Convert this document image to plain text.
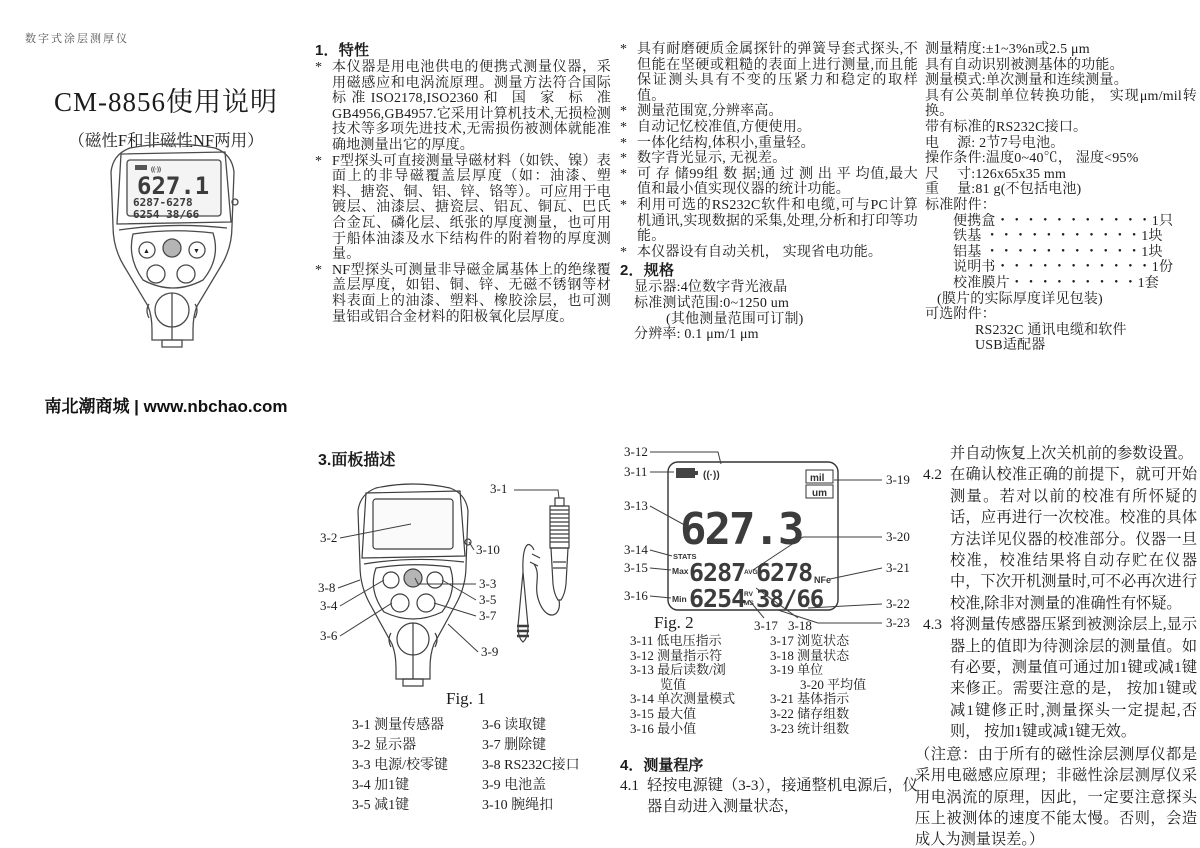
数字式涂层测厚仪
CM-8856使用说明
（磁性F和非磁性NF两用）
((·))
627.1
6287-6278
6254 38/66
▲	▼
南北潮商城 | www.nbchao.com
1．特性
* 本仪器是用电池供电的便携式测量仪器，采用磁感应和电涡流原理。测量方法符合国际标准ISO2178,ISO2360和 国 家 标 准GB4956,GB4957.它采用计算机技术,无损检测技术等多项先进技术,无需损伤被测体就能准确地测量出它的厚度。
* F型探头可直接测量导磁材料（如铁、镍）表面上的非导磁覆盖层厚度（如：油漆、塑料、搪瓷、铜、铝、锌、铬等）。可应用于电镀层、油漆层、搪瓷层、铝瓦、铜瓦、巴氏合金瓦、磷化层、纸张的厚度测量，也可用于船体油漆及水下结构件的附着物的厚度测量。
* NF型探头可测量非导磁金属基体上的绝缘覆盖层厚度，如铝、铜、锌、无磁不锈钢等材料表面上的油漆、塑料、橡胶涂层，也可测量铝或铝合金材料的阳极氧化层厚度。
* 具有耐磨硬质金属探针的弹簧导套式探头,不但能在坚硬或粗糙的表面上进行测量,而且能保证测头具有不变的压紧力和稳定的取样值。
* 测量范围宽,分辨率高。
* 自动记忆校准值,方便使用。
* 一体化结构,体积小,重量轻。
* 数字背光显示, 无视差。
* 可 存 储99组 数 据;通 过 测 出 平 均值,最大值和最小值实现仪器的统计功能。
* 利用可选的RS232C软件和电缆,可与PC计算机通讯,实现数据的采集,处理,分析和打印等功能。
* 本仪器设有自动关机， 实现省电功能。
2．规格
显示器:4位数字背光液晶
标准测试范围:0~1250 um
(其他测量范围可订制)
分辨率: 0.1 μm/1 μm
测量精度:±1~3%n或2.5 μm
具有自动识别被测基体的功能。
测量模式:单次测量和连续测量。
具有公英制单位转换功能， 实现μm/mil转换。
带有标准的RS232C接口。
电　 源: 2节7号电池。
操作条件:温度0~40℃， 湿度<95%
尺　 寸:126x65x35 mm
重　 量:81 g(不包括电池)
标准附件：
便携盒・・・・・・・・・・・1只
铁基 ・・・・・・・・・・・1块
铝基 ・・・・・・・・・・・1块
说明书・・・・・・・・・・・1份
校准膜片・・・・・・・・・1套
(膜片的实际厚度详见包装)
可选附件：
RS232C 通讯电缆和软件
USB适配器
3.面板描述
3-1
3-2
3-10
3-8	3-3
3-4	3-5
3-7
3-6
3-9
Fig. 1
3-1 测量传感器	3-6 读取键
3-2 显示器	3-7 删除键
3-3 电源/校零键	3-8 RS232C接口
3-4 加1键	3-9 电池盖
3-5 减1键	3-10 腕绳扣
((·))	mil
um
627.3
STATS
Max 6287
AVG
6278 NFe
Min 6254
RV
MS 38/66
3-12
3-11
3-13
3-14
3-15
3-16
3-17 3-18
3-19
3-20
3-21
3-22
3-23
Fig. 2
3-11 低电压指示	3-17 浏览状态
3-12 测量指示符	3-18 测量状态
3-13 最后读数/浏	3-19 单位
览值	3-20 平均值
3-14 单次测量模式	3-21 基体指示
3-15 最大值	3-22 储存组数
3-16 最小值	3-23 统计组数
4．测量程序
4.1 轻按电源键（3-3），接通整机电源后，仪器自动进入测量状态，
并自动恢复上次关机前的参数设置。
4.2 在确认校准正确的前提下，就可开始测量。若对以前的校准有所怀疑的话，应再进行一次校准。校准的具体方法详见仪器的校准部分。仪器一旦校准，校准结果将自动存贮在仪器中，下次开机测量时,可不必再次进行校准,除非对测量的准确性有怀疑。
4.3 将测量传感器压紧到被测涂层上,显示器上的值即为待测涂层的测量值。如有必要，测量值可通过加1键或减1键来修正。需要注意的是， 按加1键或减1键修正时,测量探头一定提起,否则， 按加1键或减1键无效。
（注意：由于所有的磁性涂层测厚仪都是采用电磁感应原理；非磁性涂层测厚仪采用电涡流的原理，因此，一定要注意探头压上被测体的速度不能太慢。否则，会造成人为测量误差。）
